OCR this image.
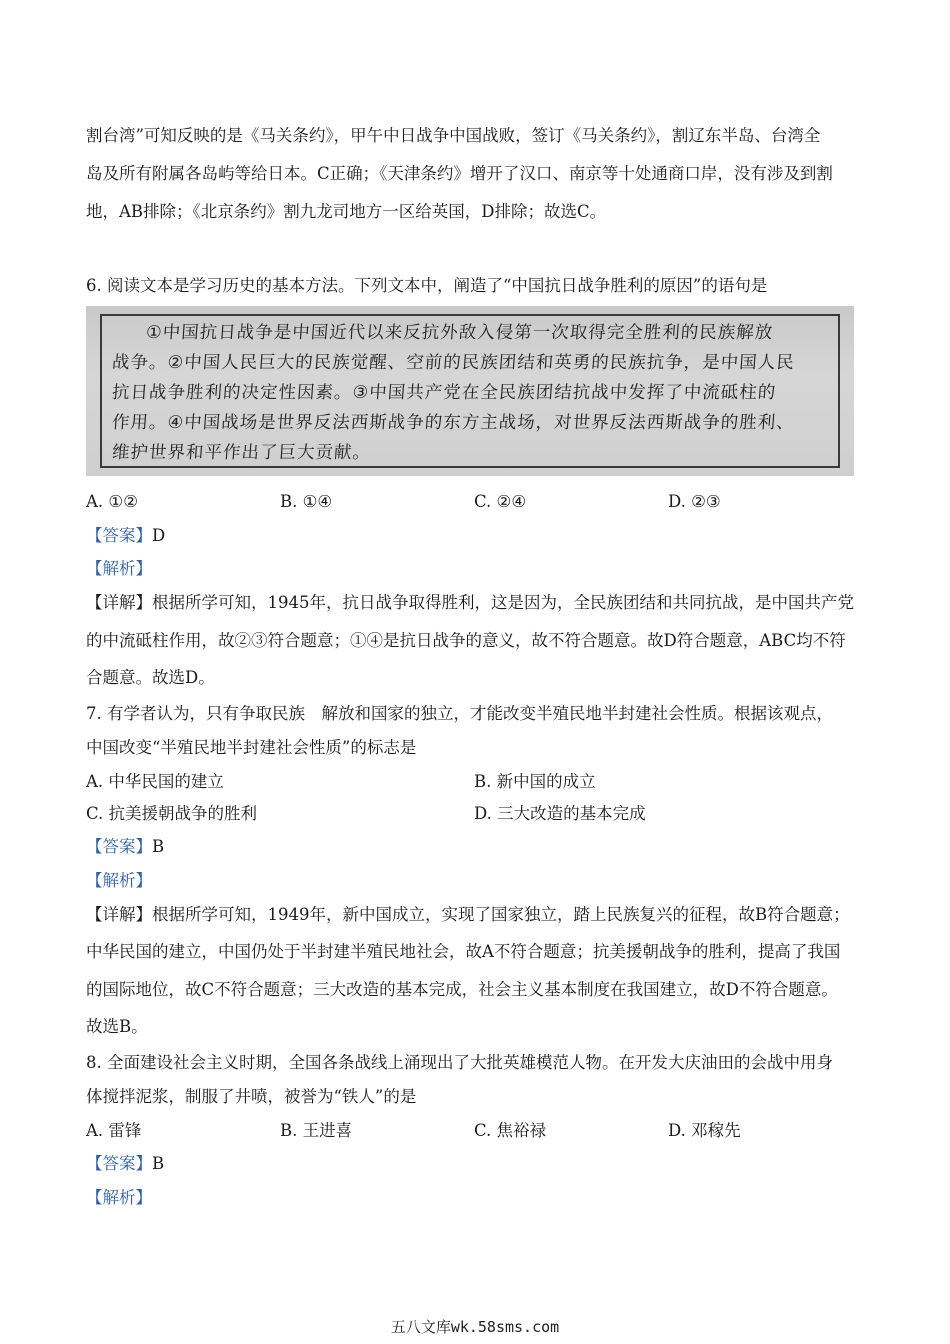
割台湾”可知反映的是《马关条约》，甲午中日战争中国战败，签订《马关条约》，割辽东半岛、台湾全
岛及所有附属各岛屿等给日本。C正确；《天津条约》增开了汉口、南京等十处通商口岸，没有涉及到割
地，AB排除；《北京条约》割九龙司地方一区给英国，D排除；故选C。
6. 阅读文本是学习历史的基本方法。下列文本中，阐造了“中国抗日战争胜利的原因”的语句是
①中国抗日战争是中国近代以来反抗外敌入侵第一次取得完全胜利的民族解放
战争。②中国人民巨大的民族觉醒、空前的民族团结和英勇的民族抗争，是中国人民
抗日战争胜利的决定性因素。③中国共产党在全民族团结抗战中发挥了中流砥柱的
作用。④中国战场是世界反法西斯战争的东方主战场，对世界反法西斯战争的胜利、
维护世界和平作出了巨大贡献。
A. ①②	B. ①④	C. ②④	D. ②③
【答案】D
【解析】
【详解】根据所学可知，1945年，抗日战争取得胜利，这是因为，全民族团结和共同抗战，是中国共产党
的中流砥柱作用，故②③符合题意；①④是抗日战争的意义，故不符合题意。故D符合题意，ABC均不符
合题意。故选D。
7. 有学者认为，只有争取民族　解放和国家的独立，才能改变半殖民地半封建社会性质。根据该观点，
中国改变“半殖民地半封建社会性质”的标志是
A. 中华民国的建立	B. 新中国的成立
C. 抗美援朝战争的胜利	D. 三大改造的基本完成
【答案】B
【解析】
【详解】根据所学可知，1949年，新中国成立，实现了国家独立，踏上民族复兴的征程，故B符合题意；
中华民国的建立，中国仍处于半封建半殖民地社会，故A不符合题意；抗美援朝战争的胜利，提高了我国
的国际地位，故C不符合题意；三大改造的基本完成，社会主义基本制度在我国建立，故D不符合题意。
故选B。
8. 全面建设社会主义时期，全国各条战线上涌现出了大批英雄模范人物。在开发大庆油田的会战中用身
体搅拌泥浆，制服了井喷，被誉为“铁人”的是
A. 雷锋	B. 王进喜	C. 焦裕禄	D. 邓稼先
【答案】B
【解析】
五八文库wk.58sms.com
